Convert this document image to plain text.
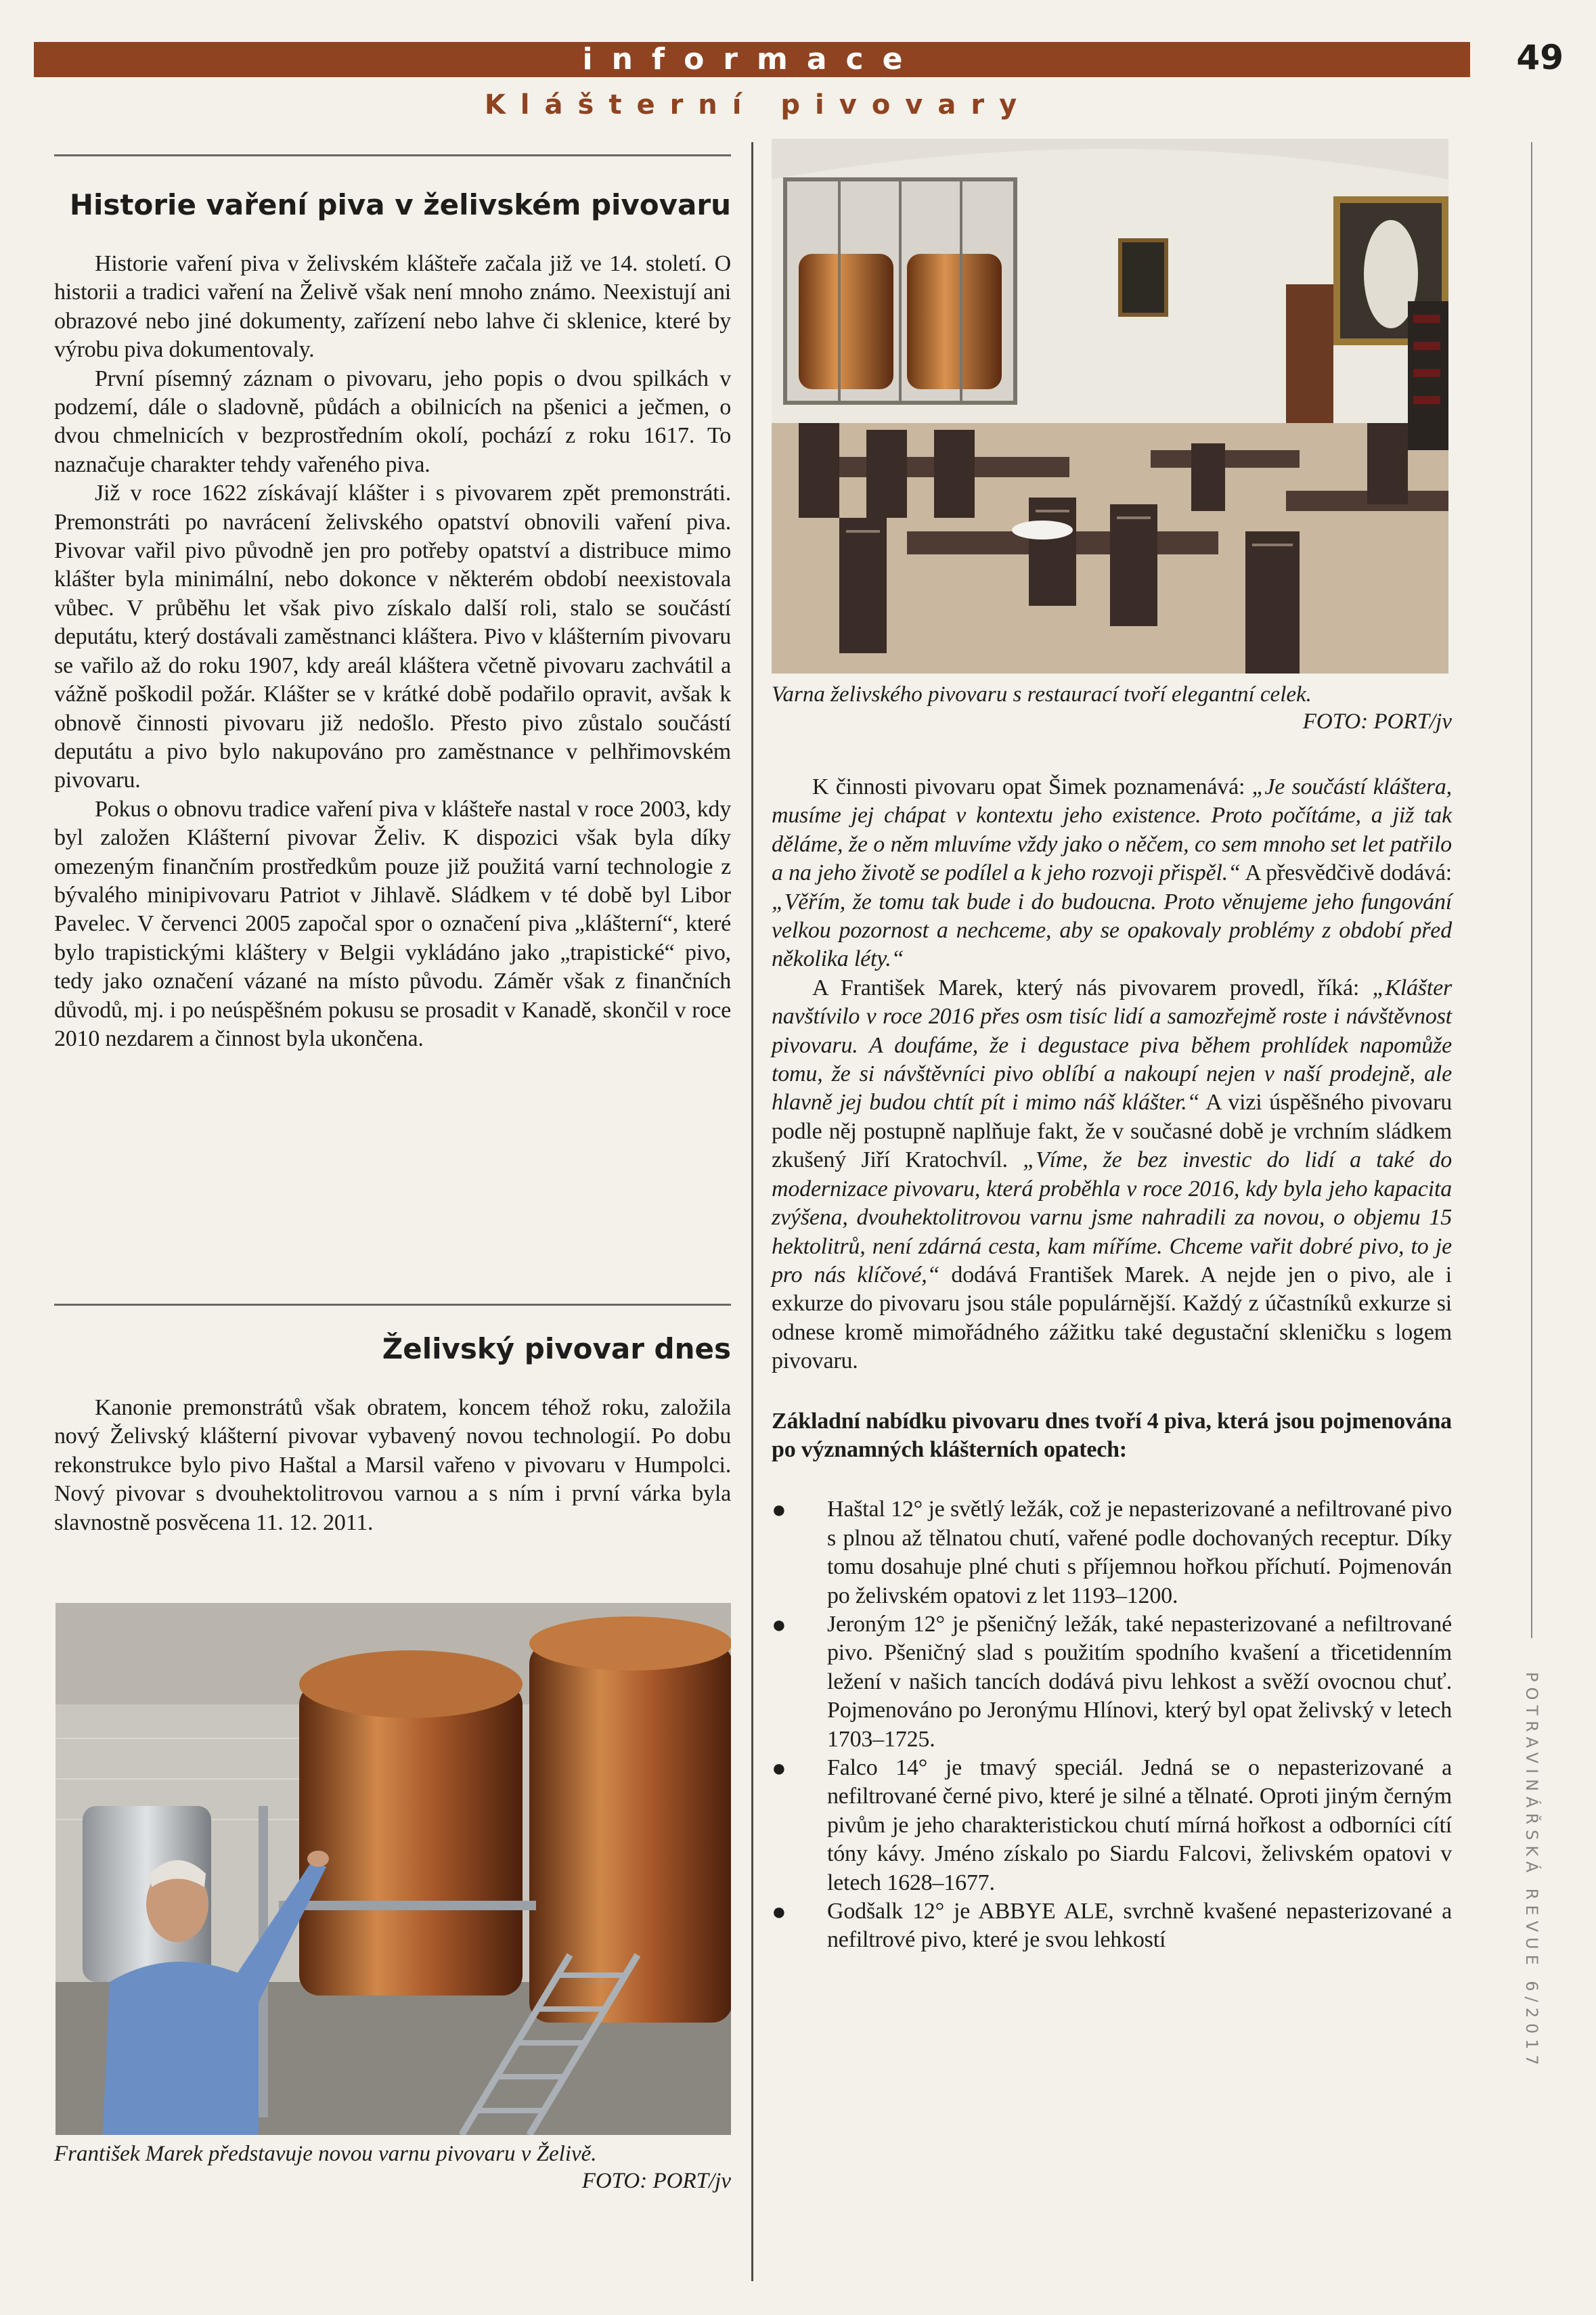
informace	49
Klášterní pivovary
POTRAVINÁŘSKÁ REVUE 6/2017
Historie vaření piva v želivském pivovaru

Historie vaření piva v želivském klášteře začala již ve 14. století. O historii a tradici vaření na Želivě však není mnoho známo. Neexistují ani obrazové nebo jiné dokumenty, zařízení nebo lahve či sklenice, které by výrobu piva dokumentovaly.

První písemný záznam o pivovaru, jeho popis o dvou spilkách v podzemí, dále o sladovně, půdách a obilnicích na pšenici a ječmen, o dvou chmelnicích v bezprostředním okolí, pochází z roku 1617. To naznačuje charakter tehdy vařeného piva.

Již v roce 1622 získávají klášter i s pivovarem zpět premonstráti. Premonstráti po navrácení želivského opatství obnovili vaření piva. Pivovar vařil pivo původně jen pro potřeby opatství a distribuce mimo klášter byla minimální, nebo dokonce v některém období neexistovala vůbec. V průběhu let však pivo získalo další roli, stalo se součástí deputátu, který dostávali zaměstnanci kláštera. Pivo v klášterním pivovaru se vařilo až do roku 1907, kdy areál kláštera včetně pivovaru zachvátil a vážně poškodil požár. Klášter se v krátké době podařilo opravit, avšak k obnově činnosti pivovaru již nedošlo. Přesto pivo zůstalo součástí deputátu a pivo bylo nakupováno pro zaměstnance v pelhřimovském pivovaru.

Pokus o obnovu tradice vaření piva v klášteře nastal v roce 2003, kdy byl založen Klášterní pivovar Želiv. K dispozici však byla díky omezeným finančním prostředkům pouze již použitá varní technologie z bývalého minipivovaru Patriot v Jihlavě. Sládkem v té době byl Libor Pavelec. V červenci 2005 započal spor o označení piva „klášterní“, které bylo trapistickými kláštery v Belgii vykládáno jako „trapistické“ pivo, tedy jako označení vázané na místo původu. Záměr však z finančních důvodů, mj. i po neúspěšném pokusu se prosadit v Kanadě, skončil v roce 2010 nezdarem a činnost byla ukončena.

Želivský pivovar dnes

Kanonie premonstrátů však obratem, koncem téhož roku, založila nový Želivský klášterní pivovar vybavený novou technologií. Po dobu rekonstrukce bylo pivo Haštal a Marsil vařeno v pivovaru v Humpolci. Nový pivovar s dvouhektolitrovou varnou a s ním i první várka byla slavnostně posvěcena 11. 12. 2011.

František Marek představuje novou varnu pivovaru v Želivě.
FOTO: PORT/jv
Varna želivského pivovaru s restaurací tvoří elegantní celek.
FOTO: PORT/jv

K činnosti pivovaru opat Šimek poznamenává: „Je součástí kláštera, musíme jej chápat v kontextu jeho existence. Proto počítáme, a již tak děláme, že o něm mluvíme vždy jako o něčem, co sem mnoho set let patřilo a na jeho životě se podílel a k jeho rozvoji přispěl.“ A přesvědčivě dodává: „Věřím, že tomu tak bude i do budoucna. Proto věnujeme jeho fungování velkou pozornost a nechceme, aby se opakovaly problémy z období před několika léty.“

A František Marek, který nás pivovarem provedl, říká: „Klášter navštívilo v roce 2016 přes osm tisíc lidí a samozřejmě roste i návštěvnost pivovaru. A doufáme, že i degustace piva během prohlídek napomůže tomu, že si návštěvníci pivo oblíbí a nakoupí nejen v naší prodejně, ale hlavně jej budou chtít pít i mimo náš klášter.“ A vizi úspěšného pivovaru podle něj postupně naplňuje fakt, že v současné době je vrchním sládkem zkušený Jiří Kratochvíl. „Víme, že bez investic do lidí a také do modernizace pivovaru, která proběhla v roce 2016, kdy byla jeho kapacita zvýšena, dvouhektolitrovou varnu jsme nahradili za novou, o objemu 15 hektolitrů, není zdárná cesta, kam míříme. Chceme vařit dobré pivo, to je pro nás klíčové,“ dodává František Marek. A nejde jen o pivo, ale i exkurze do pivovaru jsou stále populárnější. Každý z účastníků exkurze si odnese kromě mimořádného zážitku také degustační skleničku s logem pivovaru.

Základní nabídku pivovaru dnes tvoří 4 piva, která jsou pojmenována po významných klášterních opatech:

●	Haštal 12° je světlý ležák, což je nepasterizované a nefiltrované pivo s plnou až tělnatou chutí, vařené podle dochovaných receptur. Díky tomu dosahuje plné chuti s příjemnou hořkou příchutí. Pojmenován po želivském opatovi z let 1193–1200.
●	Jeroným 12° je pšeničný ležák, také nepasterizované a nefiltrované pivo. Pšeničný slad s použitím spodního kvašení a třicetidenním ležení v našich tancích dodává pivu lehkost a svěží ovocnou chuť. Pojmenováno po Jeronýmu Hlínovi, který byl opat želivský v letech 1703–1725.
●	Falco 14° je tmavý speciál. Jedná se o nepasterizované a nefiltrované černé pivo, které je silné a tělnaté. Oproti jiným černým pivům je jeho charakteristickou chutí mírná hořkost a odborníci cítí tóny kávy. Jméno získalo po Siardu Falcovi, želivském opatovi v letech 1628–1677.
●	Godšalk 12° je ABBYE ALE, svrchně kvašené nepasterizované a nefiltrové pivo, které je svou lehkostí
